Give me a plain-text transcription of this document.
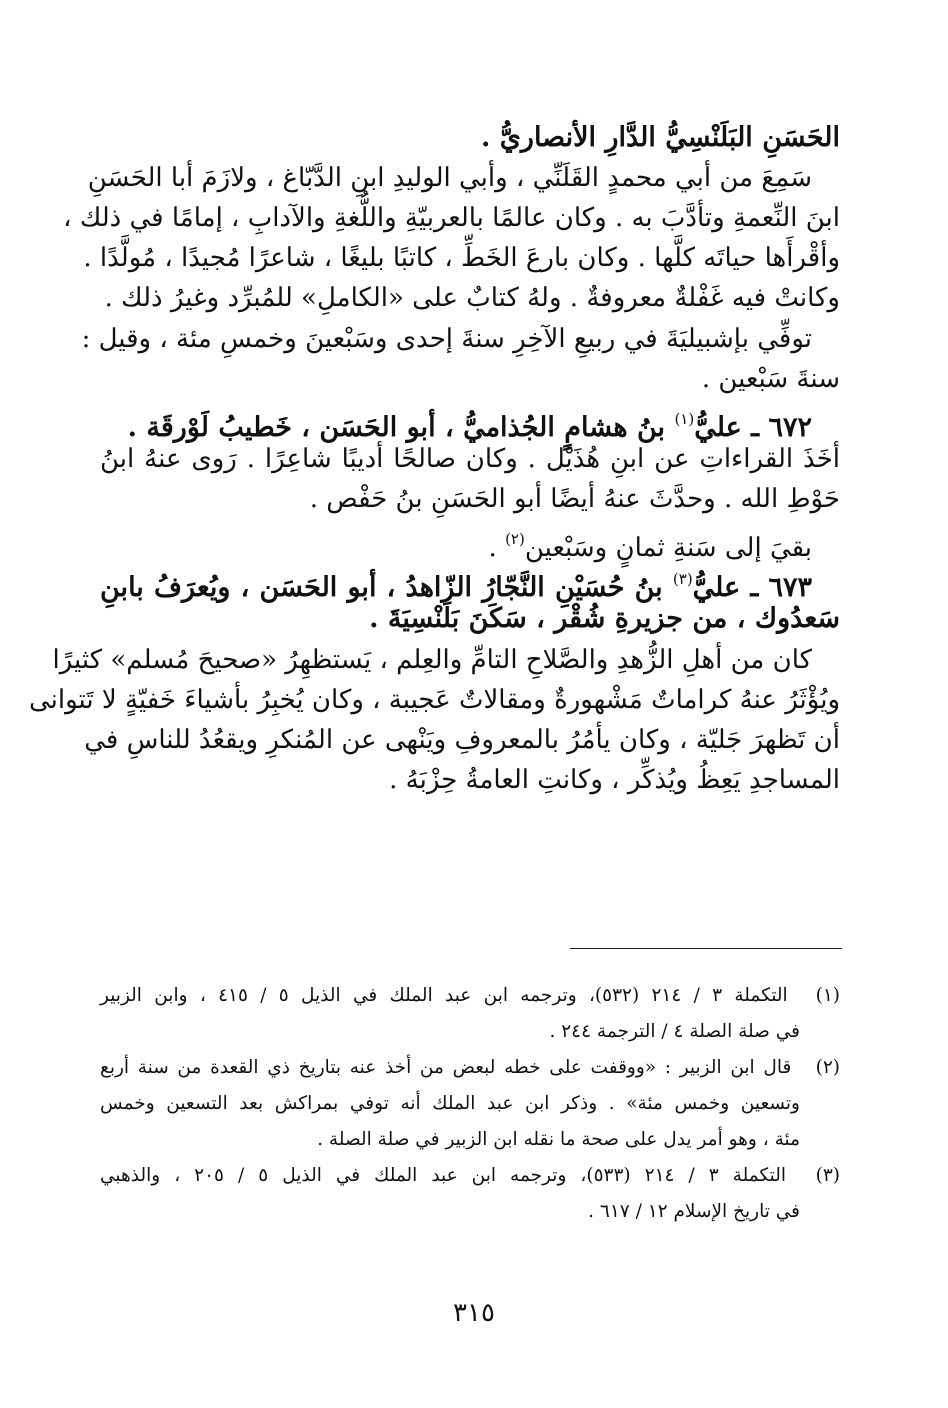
الحَسَنِ البَلَنْسِيُّ الدَّارِ الأنصاريُّ .
سَمِعَ من أبي محمدٍ القَلَنِّي ، وأبي الوليدِ ابنِ الدَّبّاغ ، ولازَمَ أبا الحَسَنِ
ابنَ النِّعمةِ وتأدَّبَ به . وكان عالمًا بالعربيّةِ واللُّغةِ والآدابِ ، إمامًا في ذلك ،
وأقْرأَها حياتَه كلَّها . وكان بارعَ الخَطِّ ، كاتبًا بليغًا ، شاعرًا مُجيدًا ، مُولَّدًا .
وكانتْ فيه غَفْلةٌ معروفةٌ . ولهُ كتابٌ على «الكاملِ» للمُبرِّد وغيرُ ذلك .
توفِّي بإشبيليَةَ في ربيعِ الآخِرِ سنةَ إحدى وسَبْعينَ وخمسِ مئة ، وقيل :
سنةَ سَبْعين .
٦٧٢ ـ عليُّ$^{(١)}$ بنُ هشامٍ الجُذاميُّ ، أبو الحَسَن ، خَطيبُ لَوْرقَة .
أخَذَ القراءاتِ عن ابنِ هُذَيْل . وكان صالحًا أديبًا شاعِرًا . رَوى عنهُ ابنُ
حَوْطِ الله . وحدَّثَ عنهُ أيضًا أبو الحَسَنِ بنُ حَفْص .
بقيَ إلى سَنةِ ثمانٍ وسَبْعين$^{(٢)}$ .
٦٧٣ ـ عليُّ$^{(٣)}$ بنُ حُسَيْنِ النَّجّارُ الزّاهدُ ، أبو الحَسَن ، ويُعرَفُ بابنِ
سَعدُوك ، من جزيرةِ شُقْر ، سَكَنَ بَلَنْسِيَةَ .
كان من أهلِ الزُّهدِ والصَّلاحِ التامِّ والعِلم ، يَستظهِرُ «صحيحَ مُسلم» كثيرًا
ويُؤْثَرُ عنهُ كراماتٌ مَشْهورةٌ ومقالاتٌ عَجيبة ، وكان يُخبِرُ بأشياءَ خَفيّةٍ لا تَتوانى
أن تَظهرَ جَليّة ، وكان يأمُرُ بالمعروفِ ويَنْهى عن المُنكرِ ويقعُدُ للناسِ في
المساجدِ يَعِظُ ويُذكِّر ، وكانتِ العامةُ حِزْبَهُ .
(١) التكملة ٣ / ٢١٤ (٥٣٢)، وترجمه ابن عبد الملك في الذيل ٥ / ٤١٥ ، وابن الزبير
في صلة الصلة ٤ / الترجمة ٢٤٤ .
(٢) قال ابن الزبير : «ووقفت على خطه لبعض من أخذ عنه بتاريخ ذي القعدة من سنة أربع
وتسعين وخمس مئة» . وذكر ابن عبد الملك أنه توفي بمراكش بعد التسعين وخمس
مئة ، وهو أمر يدل على صحة ما نقله ابن الزبير في صلة الصلة .
(٣) التكملة ٣ / ٢١٤ (٥٣٣)، وترجمه ابن عبد الملك في الذيل ٥ / ٢٠٥ ، والذهبي
في تاريخ الإسلام ١٢ / ٦١٧ .
٣١٥
